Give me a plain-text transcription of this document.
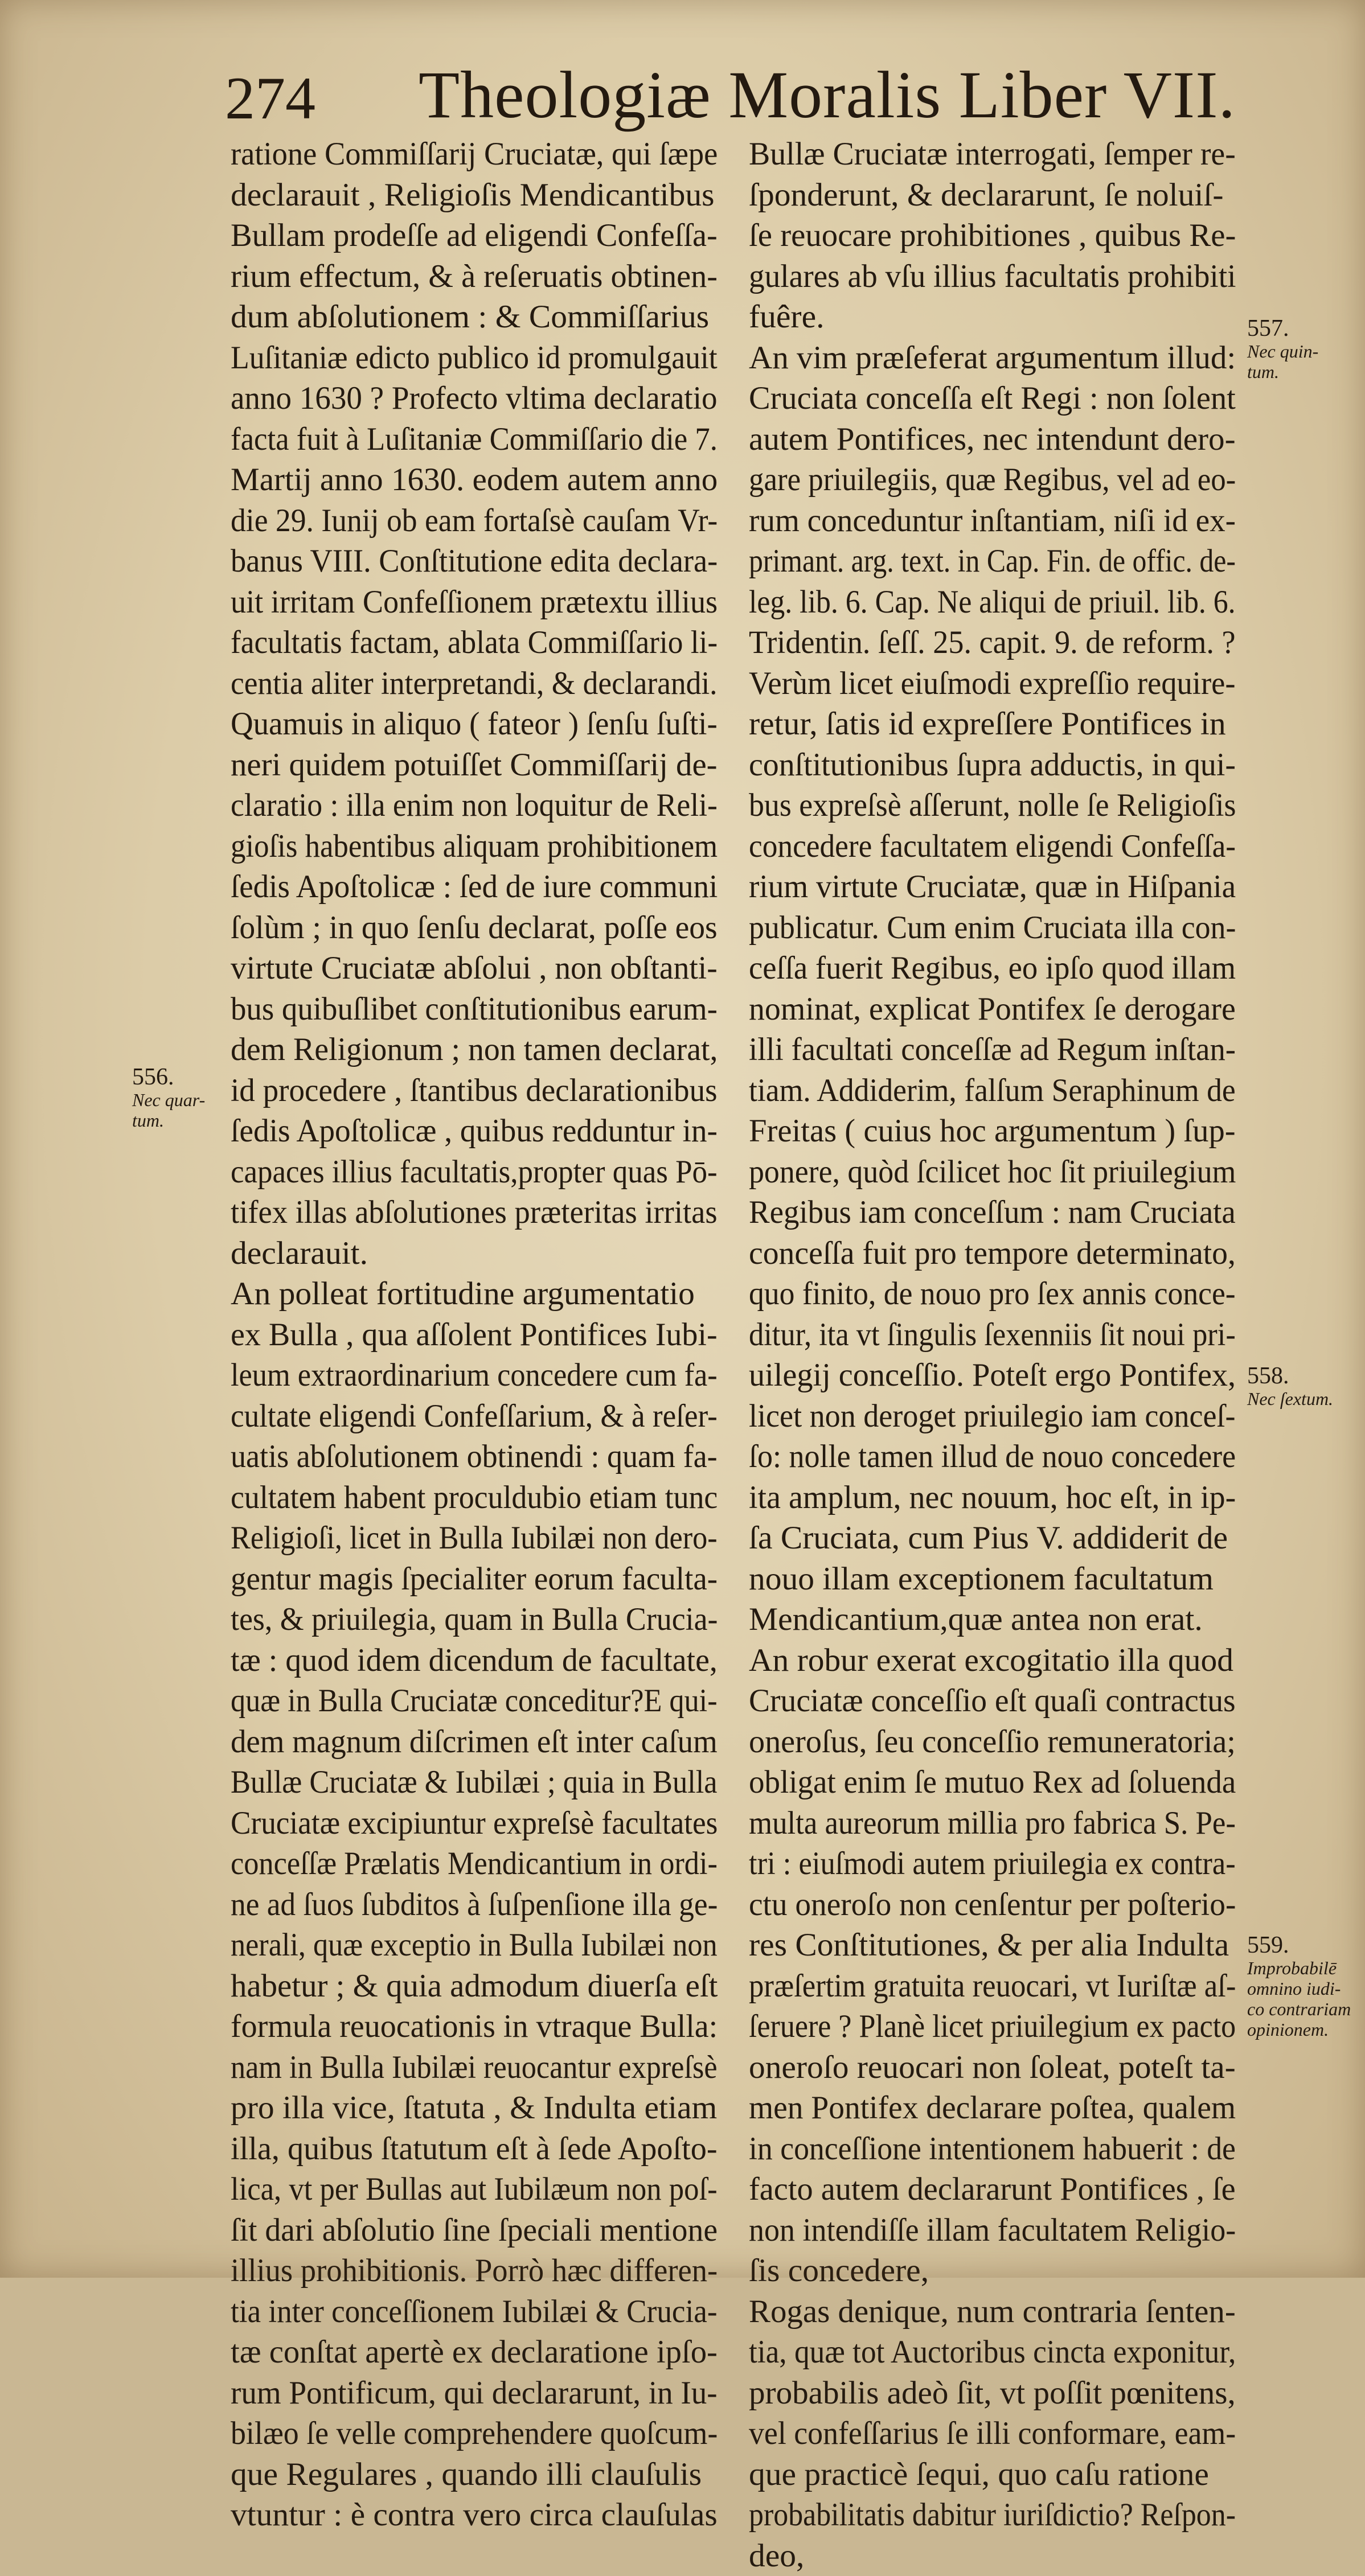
274 Theologiæ Moralis Liber VII.
ratione Commiſſarij Cruciatæ, qui ſæpe
declarauit , Religioſis Mendicantibus
Bullam prodeſſe ad eligendi Confeſſa-
rium effectum, & à reſeruatis obtinen-
dum abſolutionem : & Commiſſarius
Luſitaniæ edicto publico id promulgauit
anno 1630 ? Profecto vltima declaratio
facta fuit à Luſitaniæ Commiſſario die 7.
Martij anno 1630. eodem autem anno
die 29. Iunij ob eam fortaſsè cauſam Vr-
banus VIII. Conſtitutione edita declara-
uit irritam Confeſſionem prætextu illius
facultatis factam, ablata Commiſſario li-
centia aliter interpretandi, & declarandi.
Quamuis in aliquo ( fateor ) ſenſu ſuſti-
neri quidem potuiſſet Commiſſarij de-
claratio : illa enim non loquitur de Reli-
gioſis habentibus aliquam prohibitionem
ſedis Apoſtolicæ : ſed de iure communi
ſolùm ; in quo ſenſu declarat, poſſe eos
virtute Cruciatæ abſolui , non obſtanti-
bus quibuſlibet conſtitutionibus earum-
dem Religionum ; non tamen declarat,
id procedere , ſtantibus declarationibus
ſedis Apoſtolicæ , quibus redduntur in-
capaces illius facultatis,propter quas Pō-
tifex illas abſolutiones præteritas irritas
declarauit.
An polleat fortitudine argumentatio
ex Bulla , qua aſſolent Pontifices Iubi-
leum extraordinarium concedere cum fa-
cultate eligendi Confeſſarium, & à reſer-
uatis abſolutionem obtinendi : quam fa-
cultatem habent proculdubio etiam tunc
Religioſi, licet in Bulla Iubilæi non dero-
gentur magis ſpecialiter eorum faculta-
tes, & priuilegia, quam in Bulla Crucia-
tæ : quod idem dicendum de facultate,
quæ in Bulla Cruciatæ conceditur?E qui-
dem magnum diſcrimen eſt inter caſum
Bullæ Cruciatæ & Iubilæi ; quia in Bulla
Cruciatæ excipiuntur expreſsè facultates
conceſſæ Prælatis Mendicantium in ordi-
ne ad ſuos ſubditos à ſuſpenſione illa ge-
nerali, quæ exceptio in Bulla Iubilæi non
habetur ; & quia admodum diuerſa eſt
formula reuocationis in vtraque Bulla:
nam in Bulla Iubilæi reuocantur expreſsè
pro illa vice, ſtatuta , & Indulta etiam
illa, quibus ſtatutum eſt à ſede Apoſto-
lica, vt per Bullas aut Iubilæum non poſ-
ſit dari abſolutio ſine ſpeciali mentione
illius prohibitionis. Porrò hæc differen-
tia inter conceſſionem Iubilæi & Crucia-
tæ conſtat apertè ex declaratione ipſo-
rum Pontificum, qui declararunt, in Iu-
bilæo ſe velle comprehendere quoſcum-
que Regulares , quando illi clauſulis
vtuntur : è contra vero circa clauſulas
Bullæ Cruciatæ interrogati, ſemper re-
ſponderunt, & declararunt, ſe noluiſ-
ſe reuocare prohibitiones , quibus Re-
gulares ab vſu illius facultatis prohibiti
fuêre.
An vim præſeferat argumentum illud:
Cruciata conceſſa eſt Regi : non ſolent
autem Pontifices, nec intendunt dero-
gare priuilegiis, quæ Regibus, vel ad eo-
rum conceduntur inſtantiam, niſi id ex-
primant. arg. text. in Cap. Fin. de offic. de-
leg. lib. 6. Cap. Ne aliqui de priuil. lib. 6.
Tridentin. ſeſſ. 25. capit. 9. de reform. ?
Verùm licet eiuſmodi expreſſio require-
retur, ſatis id expreſſere Pontifices in
conſtitutionibus ſupra adductis, in qui-
bus expreſsè aſſerunt, nolle ſe Religioſis
concedere facultatem eligendi Confeſſa-
rium virtute Cruciatæ, quæ in Hiſpania
publicatur. Cum enim Cruciata illa con-
ceſſa fuerit Regibus, eo ipſo quod illam
nominat, explicat Pontifex ſe derogare
illi facultati conceſſæ ad Regum inſtan-
tiam. Addiderim, falſum Seraphinum de
Freitas ( cuius hoc argumentum ) ſup-
ponere, quòd ſcilicet hoc ſit priuilegium
Regibus iam conceſſum : nam Cruciata
conceſſa fuit pro tempore determinato,
quo finito, de nouo pro ſex annis conce-
ditur, ita vt ſingulis ſexenniis ſit noui pri-
uilegij conceſſio. Poteſt ergo Pontifex,
licet non deroget priuilegio iam conceſ-
ſo: nolle tamen illud de nouo concedere
ita amplum, nec nouum, hoc eſt, in ip-
ſa Cruciata, cum Pius V. addiderit de
nouo illam exceptionem facultatum
Mendicantium,quæ antea non erat.
An robur exerat excogitatio illa quod
Cruciatæ conceſſio eſt quaſi contractus
oneroſus, ſeu conceſſio remuneratoria;
obligat enim ſe mutuo Rex ad ſoluenda
multa aureorum millia pro fabrica S. Pe-
tri : eiuſmodi autem priuilegia ex contra-
ctu oneroſo non cenſentur per poſterio-
res Conſtitutiones, & per alia Indulta
præſertim gratuita reuocari, vt Iuriſtæ aſ-
ſeruere ? Planè licet priuilegium ex pacto
oneroſo reuocari non ſoleat, poteſt ta-
men Pontifex declarare poſtea, qualem
in conceſſione intentionem habuerit : de
facto autem declararunt Pontifices , ſe
non intendiſſe illam facultatem Religio-
ſis concedere,
Rogas denique, num contraria ſenten-
tia, quæ tot Auctoribus cincta exponitur,
probabilis adeò ſit, vt poſſit pœnitens,
vel confeſſarius ſe illi conformare, eam-
que practicè ſequi, quo caſu ratione
probabilitatis dabitur iuriſdictio? Reſpon-
deo,
556.
Nec quar-
tum.
557.
Nec quin-
tum.
558.
Nec ſextum.
559.
Improbabilē
omnino iudi-
co contrariam
opinionem.
